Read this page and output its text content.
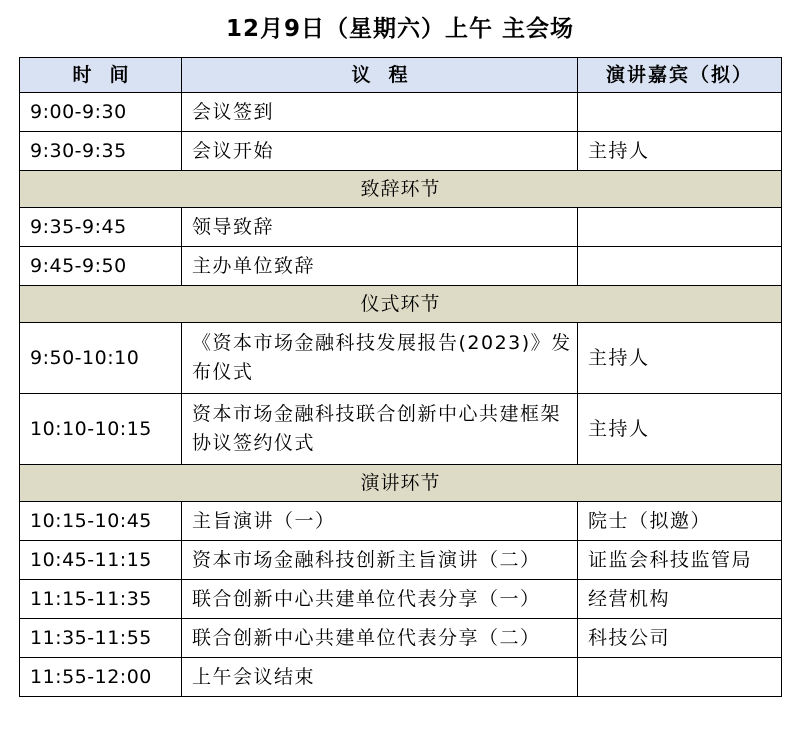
12月9日（星期六）上午 主会场
时间	议程	演讲嘉宾（拟）
9:00-9:30	会议签到	
9:30-9:35	会议开始	主持人
致辞环节		
9:35-9:45	领导致辞	
9:45-9:50	主办单位致辞	
仪式环节		
9:50-10:10	《资本市场金融科技发展报告(2023)》发布仪式	主持人
10:10-10:15	资本市场金融科技联合创新中心共建框架协议签约仪式	主持人
演讲环节		
10:15-10:45	主旨演讲（一）	院士（拟邀）
10:45-11:15	资本市场金融科技创新主旨演讲（二）	证监会科技监管局
11:15-11:35	联合创新中心共建单位代表分享（一）	经营机构
11:35-11:55	联合创新中心共建单位代表分享（二）	科技公司
11:55-12:00	上午会议结束	
